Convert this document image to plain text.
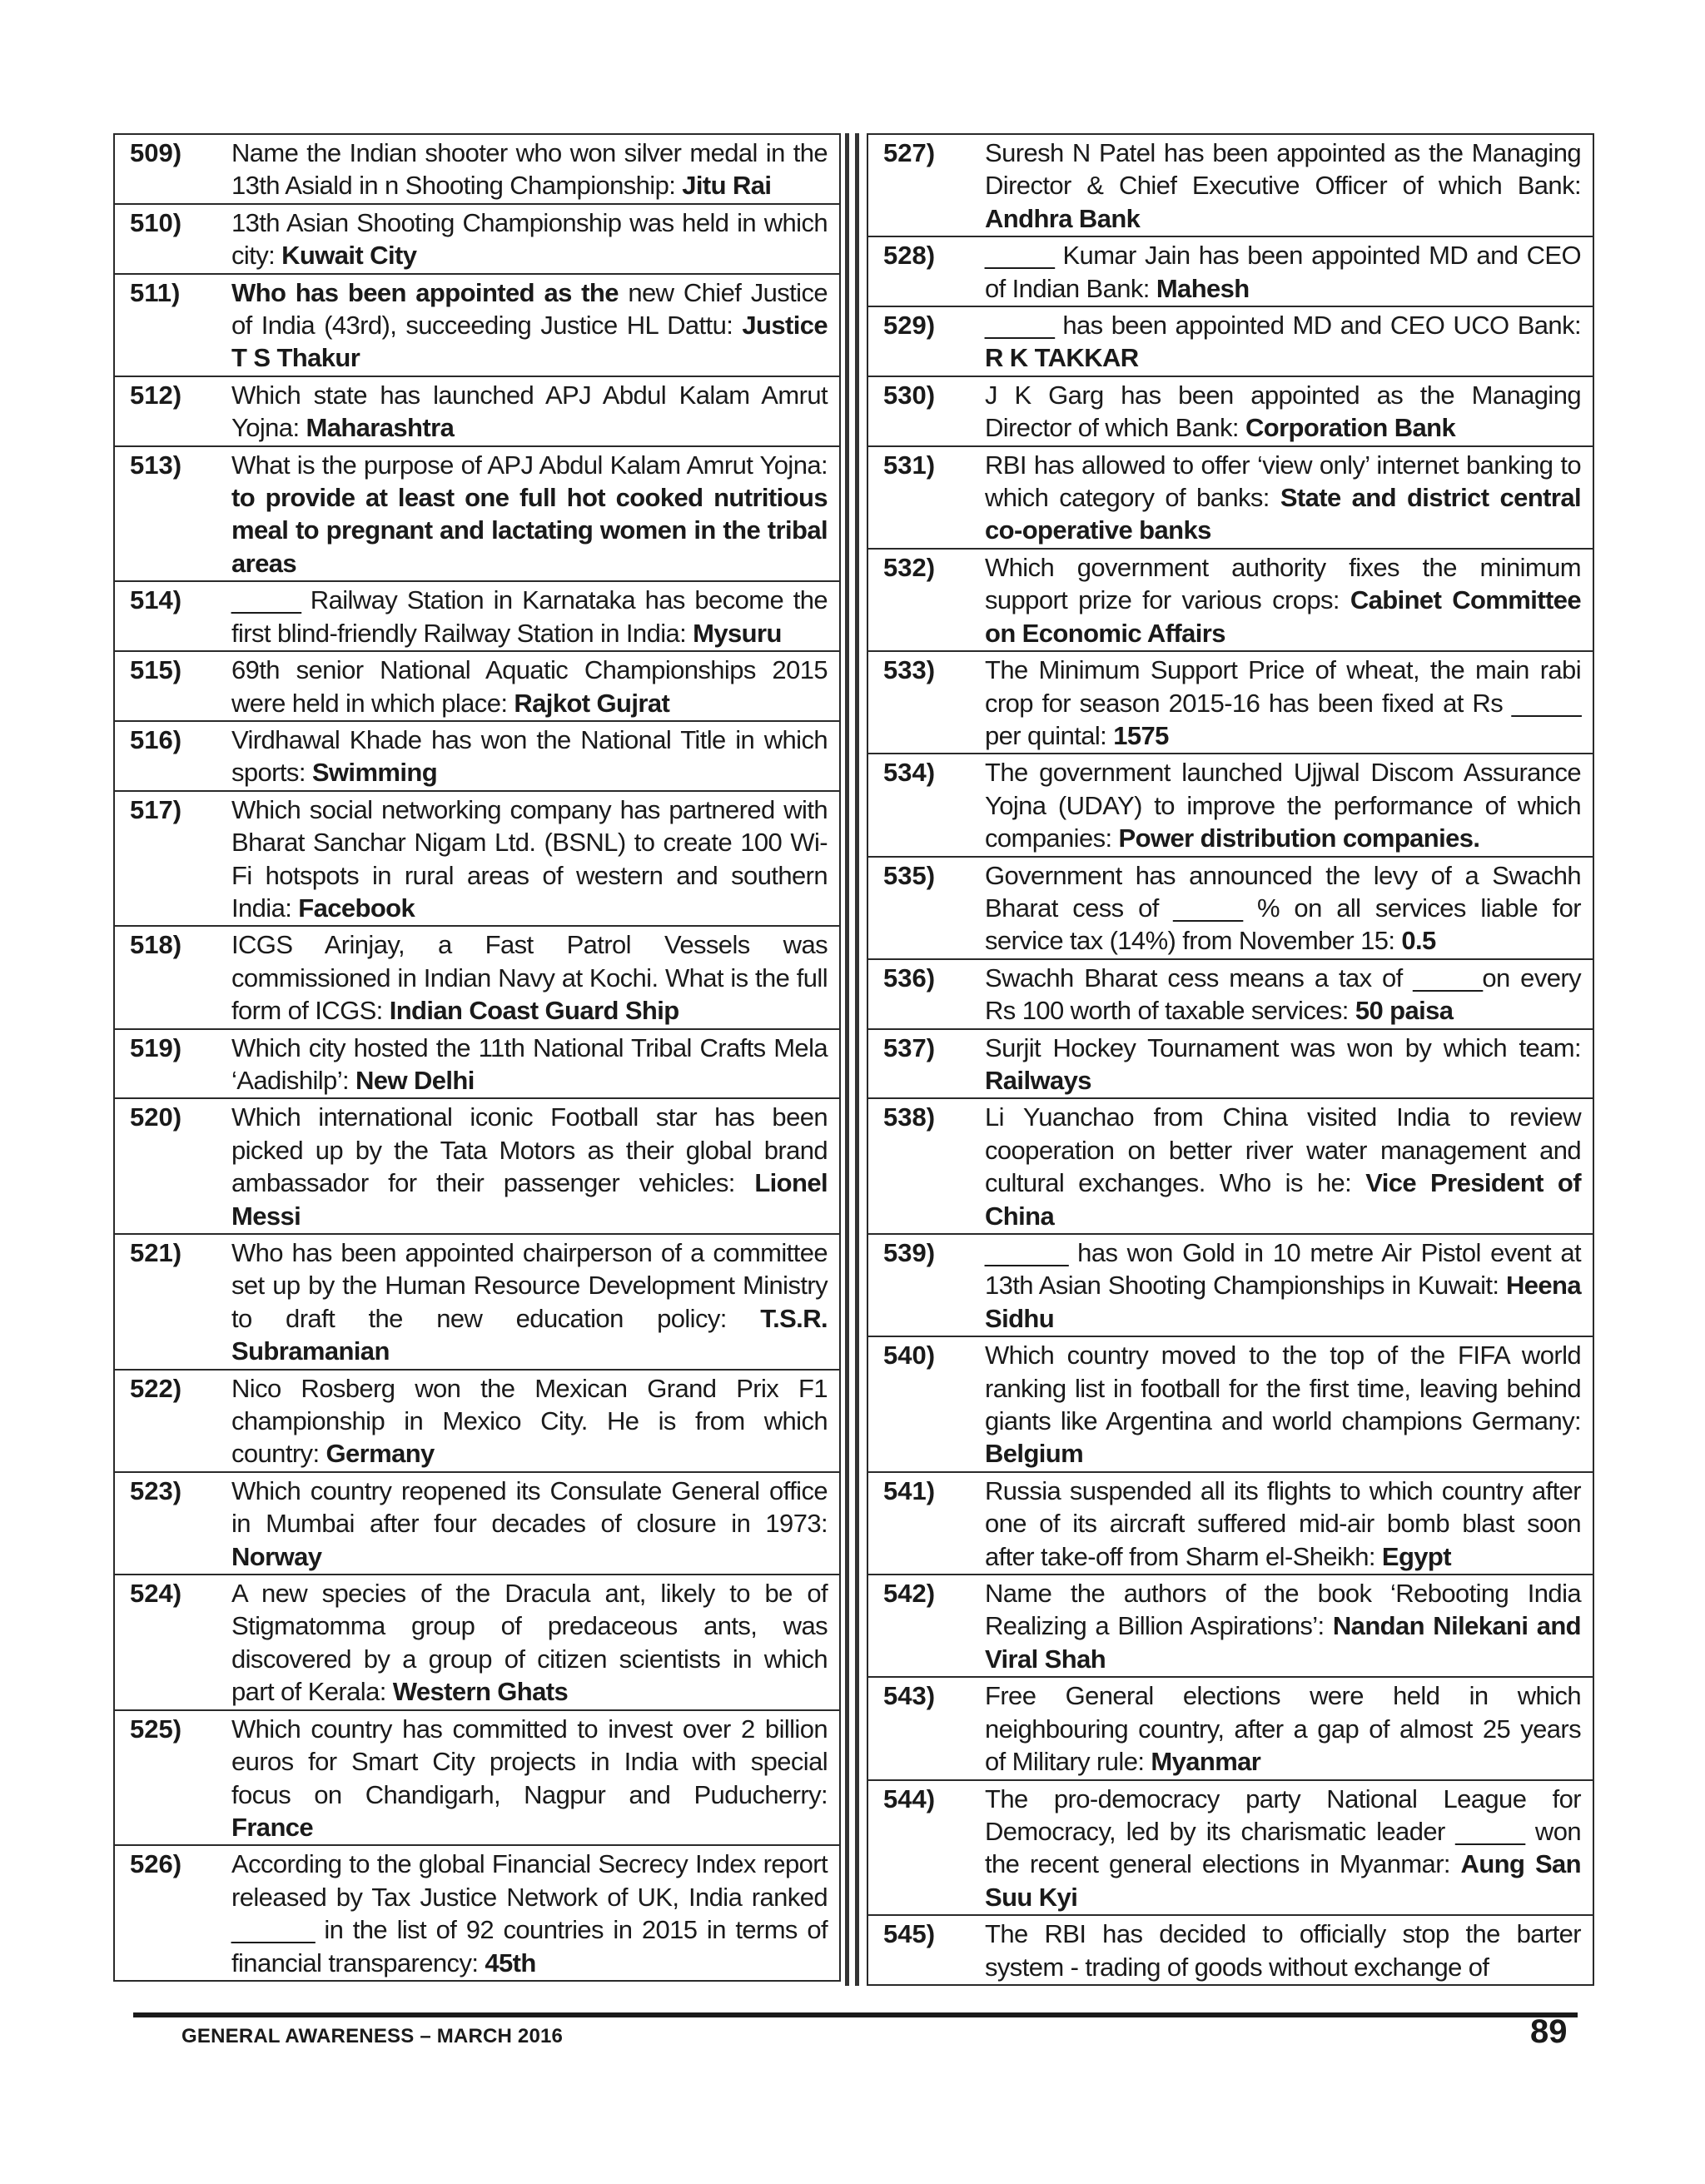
509)	Name the Indian shooter who won silver medal in the 13th Asiald in n Shooting Championship: Jitu Rai
510)	13th Asian Shooting Championship was held in which city: Kuwait City
511)	Who has been appointed as the new Chief Justice of India (43rd), succeeding Justice HL Dattu: Justice T S Thakur
512)	Which state has launched APJ Abdul Kalam Amrut Yojna: Maharashtra
513)	What is the purpose of APJ Abdul Kalam Amrut Yojna: to provide at least one full hot cooked nutritious meal to pregnant and lactating women in the tribal areas
514)	_____ Railway Station in Karnataka has become the first blind-friendly Railway Station in India: Mysuru
515)	69th senior National Aquatic Championships 2015 were held in which place: Rajkot Gujrat
516)	Virdhawal Khade has won the National Title in which sports: Swimming
517)	Which social networking company has partnered with Bharat Sanchar Nigam Ltd. (BSNL) to create 100 Wi-Fi hotspots in rural areas of western and southern India: Facebook
518)	ICGS Arinjay, a Fast Patrol Vessels was commissioned in Indian Navy at Kochi. What is the full form of ICGS: Indian Coast Guard Ship
519)	Which city hosted the 11th National Tribal Crafts Mela ‘Aadishilp’: New Delhi
520)	Which international iconic Football star has been picked up by the Tata Motors as their global brand ambassador for their passenger vehicles: Lionel Messi
521)	Who has been appointed chairperson of a committee set up by the Human Resource Development Ministry to draft the new education policy: T.S.R. Subramanian
522)	Nico Rosberg won the Mexican Grand Prix F1 championship in Mexico City. He is from which country: Germany
523)	Which country reopened its Consulate General office in Mumbai after four decades of closure in 1973: Norway
524)	A new species of the Dracula ant, likely to be of Stigmatomma group of predaceous ants, was discovered by a group of citizen scientists in which part of Kerala: Western Ghats
525)	Which country has committed to invest over 2 billion euros for Smart City projects in India with special focus on Chandigarh, Nagpur and Puducherry: France
526)	According to the global Financial Secrecy Index report released by Tax Justice Network of UK, India ranked ______ in the list of 92 countries in 2015 in terms of financial transparency: 45th
527)	Suresh N Patel has been appointed as the Managing Director & Chief Executive Officer of which Bank: Andhra Bank
528)	_____ Kumar Jain has been appointed MD and CEO of Indian Bank: Mahesh
529)	_____ has been appointed MD and CEO UCO Bank: R K TAKKAR
530)	J K Garg has been appointed as the Managing Director of which Bank: Corporation Bank
531)	RBI has allowed to offer ‘view only’ internet banking to which category of banks: State and district central co-operative banks
532)	Which government authority fixes the minimum support prize for various crops: Cabinet Committee on Economic Affairs
533)	The Minimum Support Price of wheat, the main rabi crop for season 2015-16 has been fixed at Rs _____ per quintal: 1575
534)	The government launched Ujjwal Discom Assurance Yojna (UDAY) to improve the performance of which companies: Power distribution companies.
535)	Government has announced the levy of a Swachh Bharat cess of _____ % on all services liable for service tax (14%) from November 15: 0.5
536)	Swachh Bharat cess means a tax of _____on every Rs 100 worth of taxable services: 50 paisa
537)	Surjit Hockey Tournament was won by which team: Railways
538)	Li Yuanchao from China visited India to review cooperation on better river water management and cultural exchanges. Who is he: Vice President of China
539)	______ has won Gold in 10 metre Air Pistol event at 13th Asian Shooting Championships in Kuwait: Heena Sidhu
540)	Which country moved to the top of the FIFA world ranking list in football for the first time, leaving behind giants like Argentina and world champions Germany: Belgium
541)	Russia suspended all its flights to which country after one of its aircraft suffered mid-air bomb blast soon after take-off from Sharm el-Sheikh: Egypt
542)	Name the authors of the book ‘Rebooting India Realizing a Billion Aspirations’: Nandan Nilekani and Viral Shah
543)	Free General elections were held in which neighbouring country, after a gap of almost 25 years of Military rule: Myanmar
544)	The pro-democracy party National League for Democracy, led by its charismatic leader _____ won the recent general elections in Myanmar: Aung San Suu Kyi
545)	The RBI has decided to officially stop the barter system - trading of goods without exchange of
GENERAL AWARENESS – MARCH 2016	89
